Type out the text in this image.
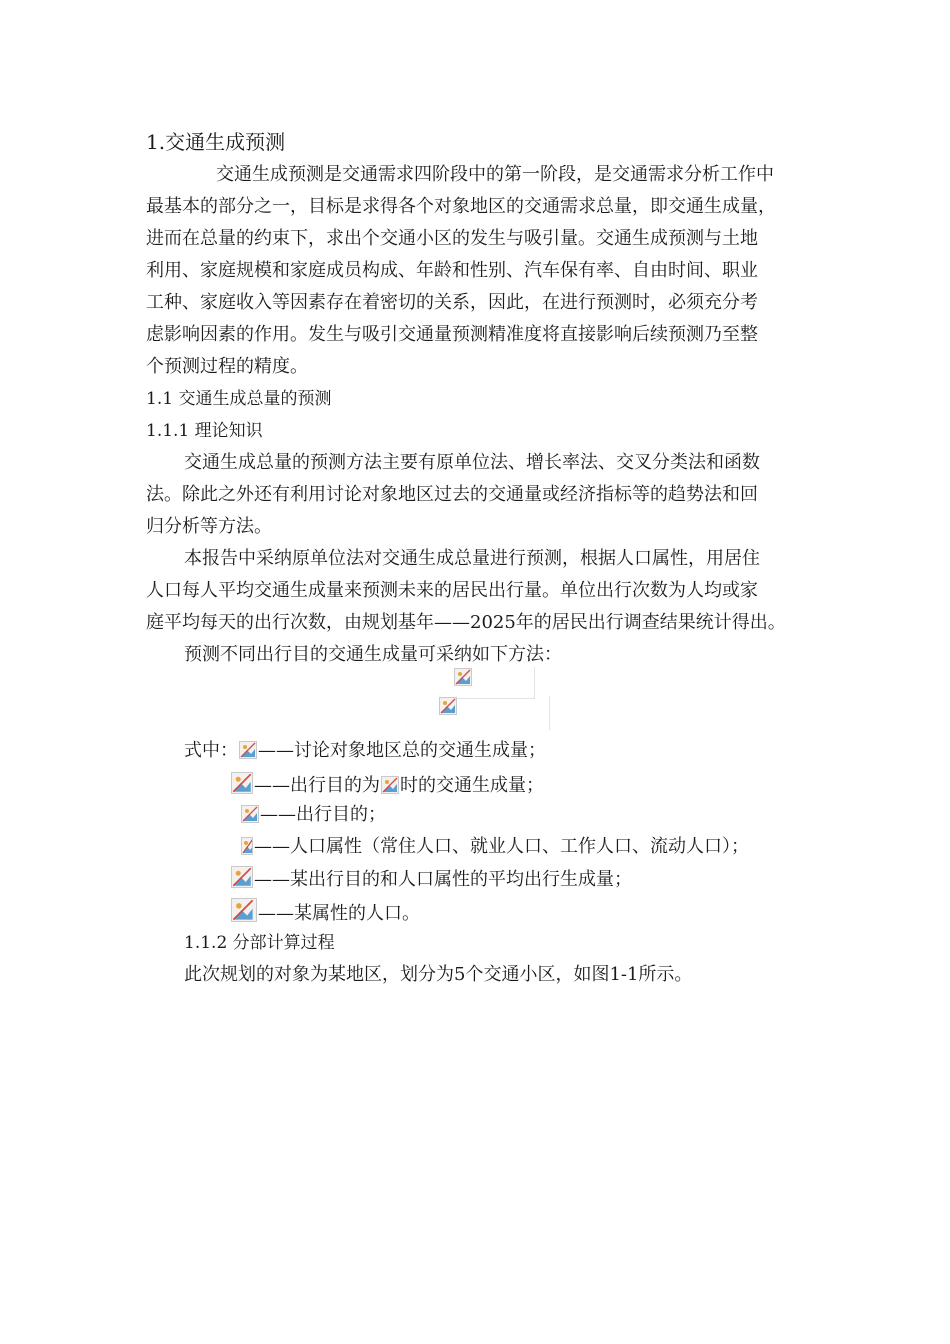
1.交通生成预测
交通生成预测是交通需求四阶段中的第一阶段，是交通需求分析工作中
最基本的部分之一，目标是求得各个对象地区的交通需求总量，即交通生成量，
进而在总量的约束下，求出个交通小区的发生与吸引量。交通生成预测与土地
利用、家庭规模和家庭成员构成、年龄和性别、汽车保有率、自由时间、职业
工种、家庭收入等因素存在着密切的关系，因此，在进行预测时，必须充分考
虑影响因素的作用。发生与吸引交通量预测精准度将直接影响后续预测乃至整
个预测过程的精度。
1.1 交通生成总量的预测
1.1.1 理论知识
交通生成总量的预测方法主要有原单位法、增长率法、交叉分类法和函数
法。除此之外还有利用讨论对象地区过去的交通量或经济指标等的趋势法和回
归分析等方法。
本报告中采纳原单位法对交通生成总量进行预测，根据人口属性，用居住
人口每人平均交通生成量来预测未来的居民出行量。单位出行次数为人均或家
庭平均每天的出行次数，由规划基年——2025年的居民出行调查结果统计得出。
预测不同出行目的交通生成量可采纳如下方法：
式中： ——讨论对象地区总的交通生成量；
——出行目的为 时的交通生成量；
——出行目的；
——人口属性（常住人口、就业人口、工作人口、流动人口）；
——某出行目的和人口属性的平均出行生成量；
——某属性的人口。
1.1.2 分部计算过程
此次规划的对象为某地区，划分为5个交通小区，如图1-1所示。
